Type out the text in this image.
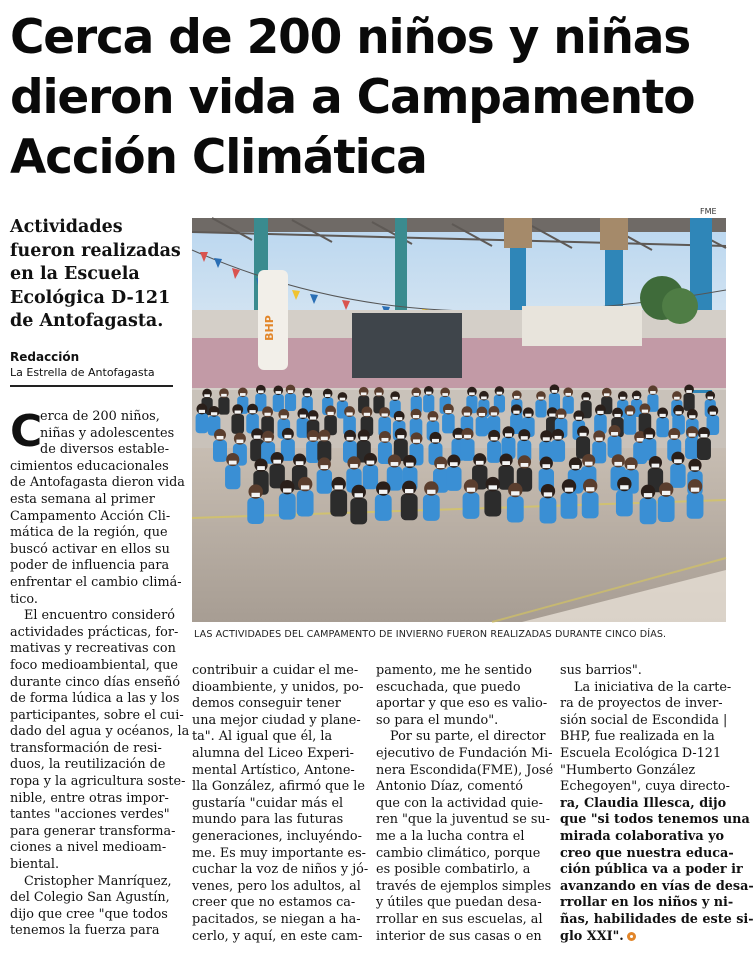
Cerca de 200 niños y niñas
dieron vida a Campamento
Acción Climática
Actividades
fueron realizadas
en la Escuela
Ecológica D-121
de Antofagasta.
Redacción
La Estrella de Antofagasta
FME
BHP
LAS ACTIVIDADES DEL CAMPAMENTO DE INVIERNO FUERON REALIZADAS DURANTE CINCO DÍAS.
C
erca de 200 niños,
niñas y adolescentes
de diversos estable-
cimientos educacionales
de Antofagasta dieron vida
esta semana al primer
Campamento Acción Cli-
mática de la región, que
buscó activar en ellos su
poder de influencia para
enfrentar el cambio climá-
tico.
El encuentro consideró
actividades prácticas, for-
mativas y recreativas con
foco medioambiental, que
durante cinco días enseñó
de forma lúdica a las y los
participantes, sobre el cui-
dado del agua y océanos, la
transformación de resi-
duos, la reutilización de
ropa y la agricultura soste-
nible, entre otras impor-
tantes "acciones verdes"
para generar transforma-
ciones a nivel medioam-
biental.
Cristopher Manríquez,
del Colegio San Agustín,
dijo que cree "que todos
tenemos la fuerza para
contribuir a cuidar el me-
dioambiente, y unidos, po-
demos conseguir tener
una mejor ciudad y plane-
ta". Al igual que él, la
alumna del Liceo Experi-
mental Artístico, Antone-
lla González, afirmó que le
gustaría "cuidar más el
mundo para las futuras
generaciones, incluyéndo-
me. Es muy importante es-
cuchar la voz de niños y jó-
venes, pero los adultos, al
creer que no estamos ca-
pacitados, se niegan a ha-
cerlo, y aquí, en este cam-
pamento, me he sentido
escuchada, que puedo
aportar y que eso es valio-
so para el mundo".
Por su parte, el director
ejecutivo de Fundación Mi-
nera Escondida(FME), José
Antonio Díaz, comentó
que con la actividad quie-
ren "que la juventud se su-
me a la lucha contra el
cambio climático, porque
es posible combatirlo, a
través de ejemplos simples
y útiles que puedan desa-
rrollar en sus escuelas, al
interior de sus casas o en
sus barrios".
La iniciativa de la carte-
ra de proyectos de inver-
sión social de Escondida |
BHP, fue realizada en la
Escuela Ecológica D-121
"Humberto González
Echegoyen", cuya directo-
ra, Claudia Illesca, dijo
que "si todos tenemos una
mirada colaborativa yo
creo que nuestra educa-
ción pública va a poder ir
avanzando en vías de desa-
rrollar en los niños y ni-
ñas, habilidades de este si-
glo XXI".
